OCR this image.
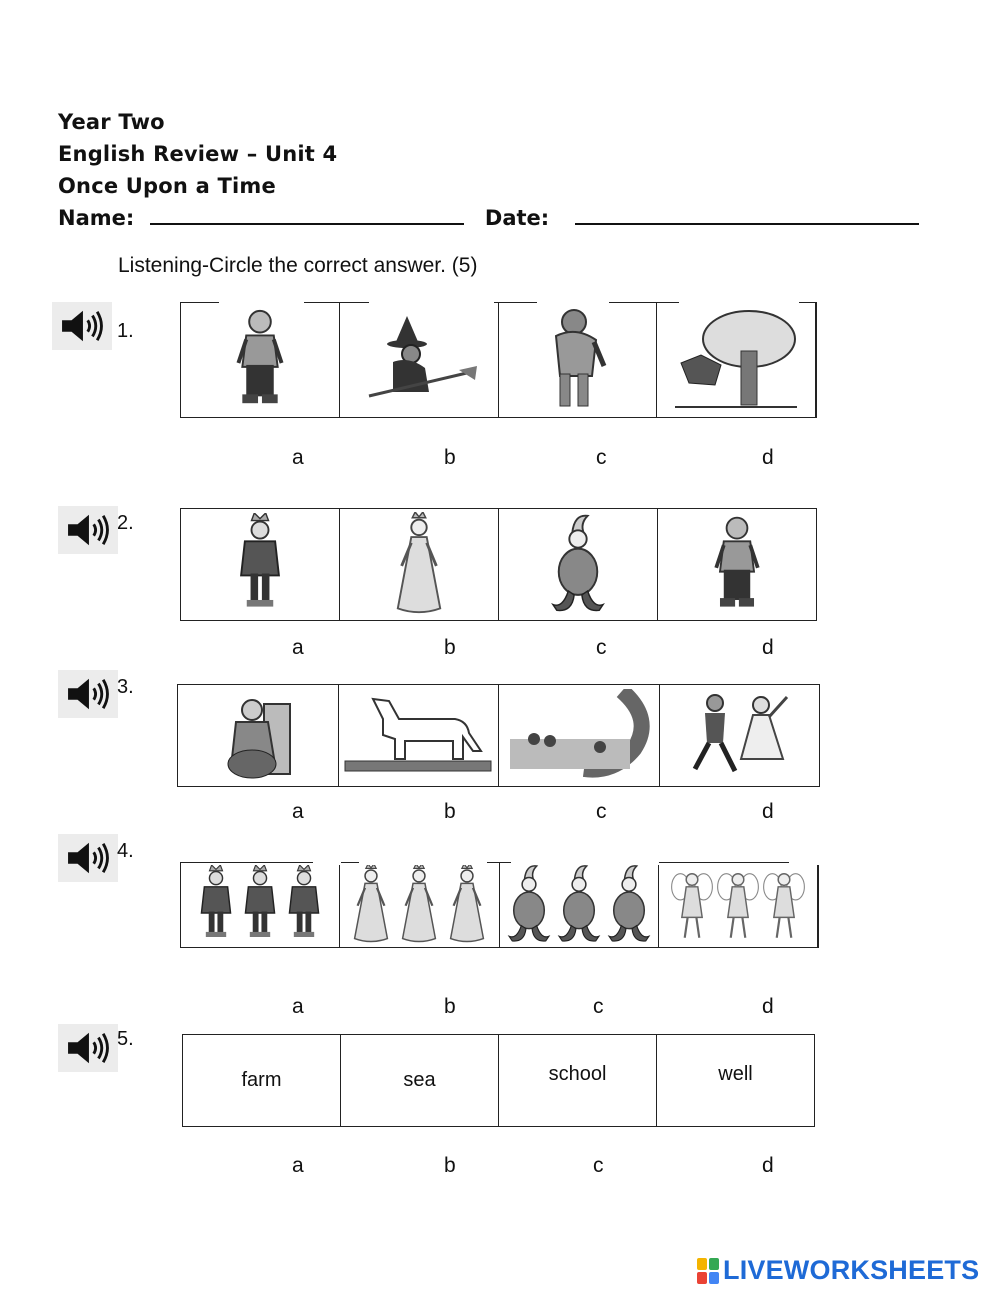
Year Two
English Review – Unit 4
Once Upon a Time
Name:	Date:
Listening-Circle the correct answer. (5)
1.
a	b	c	d
2.
a	b	c	d
3.
a	b	c	d
4.
a	b	c	d
5.
farm	sea	school	well
a	b	c	d
LIVEWORKSHEETS
